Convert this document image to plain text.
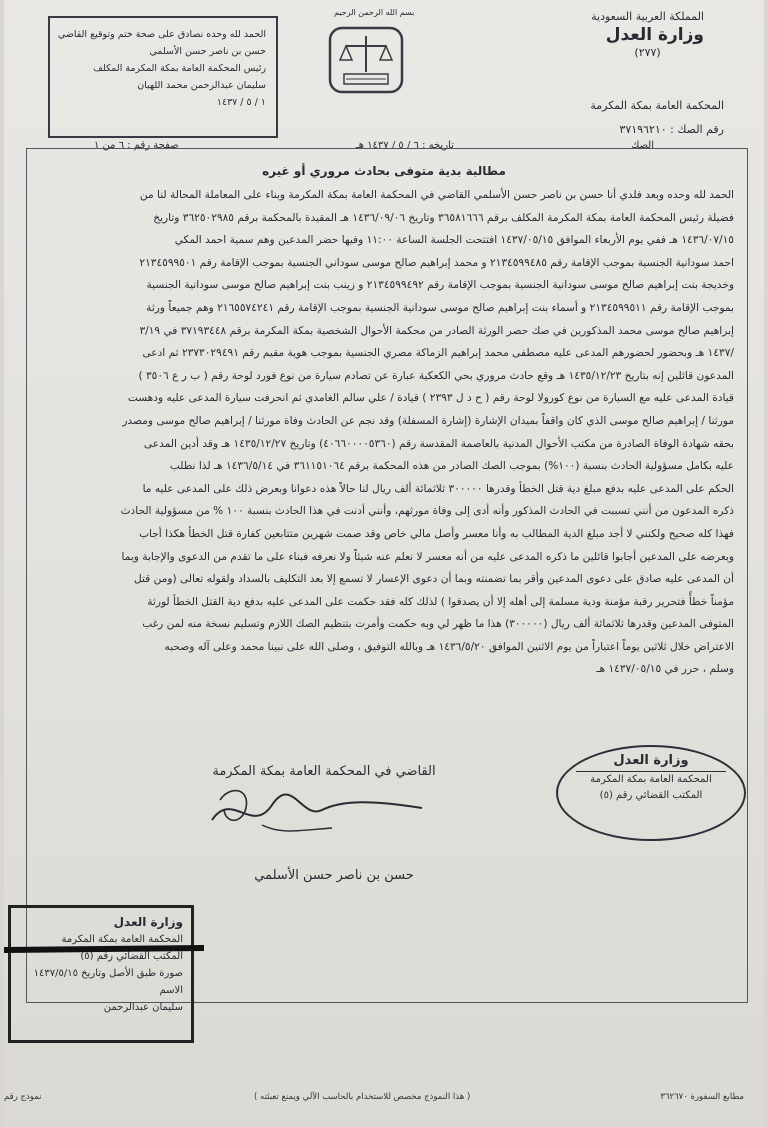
بسم الله الرحمن الرحيم	المملكة العربية السعودية
وزارة العدل
(٢٧٧)
الحمد لله وحده نصادق على صحة ختم وتوقيع القاضي
حسن بن ناصر حسن الأسلمي
رئيس المحكمة العامة بمكة المكرمة المكلف
سليمان عبدالرحمن محمد اللهيان
١ / ٥ / ١٤٣٧	المحكمة العامة بمكة المكرمة
رقم الصك : ٣٧١٩٦٢١٠
الصك
تاريخه : ٦ / ٥ / ١٤٣٧ هـ
صفحة رقم : ٦ من ١
مطالبة بدية متوفى بحادث مروري أو غيره

الحمد لله وحده وبعد فلدي أنا حسن بن ناصر حسن الأسلمي القاضي في المحكمة العامة بمكة المكرمة وبناء على المعاملة المحالة لنا من

فضيلة رئيس المحكمة العامة بمكة المكرمة المكلف برقم ٣٦٥٨١٦٦٦ وتاريخ ١٤٣٦/٠٩/٠٦ هـ المقيدة بالمحكمة برقم ٣٦٢٥٠٢٩٨٥ وتاريخ

١٤٣٦/٠٧/١٥ هـ ففي يوم الأربعاء الموافق ١٤٣٧/٠٥/١٥ افتتحت الجلسة الساعة ١١:٠٠ وفيها حضر المدعين وهم سمية احمد المكي

احمد سودانية الجنسية بموجب الإقامة رقم ٢١٣٤٥٩٩٤٨٥ و محمد إبراهيم صالح موسى سوداني الجنسية بموجب الإقامة رقم ٢١٣٤٥٩٩٥٠١

وخديجة بنت إبراهيم صالح موسى سودانية الجنسية بموجب الإقامة رقم ٢١٣٤٥٩٩٤٩٢ و زينب بنت إبراهيم صالح موسى سودانية الجنسية

بموجب الإقامة رقم ٢١٣٤٥٩٩٥١١ و أسماء بنت إبراهيم صالح موسى سودانية الجنسية بموجب الإقامة رقم ٢١٦٥٥٧٤٢٤١ وهم جميعاً ورثة

إبراهيم صالح موسى محمد المذكورين في صك حصر الورثة الصادر من محكمة الأحوال الشخصية بمكة المكرمة برقم ٣٧١٩٣٤٤٨ في ٣/١٩

/١٤٣٧ هـ وبحضور لحضورهم المدعى عليه مصطفى محمد إبراهيم الزماكة مصري الجنسية بموجب هوية مقيم رقم ٢٣٧٣٠٢٩٤٩١ ثم ادعى

المدعون قائلين إنه بتاريخ ١٤٣٥/١٢/٢٣ هـ وقع حادث مروري بحي الكعكية عبارة عن تصادم سيارة من نوع فورد لوحة رقم ( ب ر ع ٣٥٠٦ )

قيادة المدعى عليه مع السيارة من نوع كورولا لوحة رقم ( ح د ل ٢٣٩٣ ) قيادة / علي سالم الغامدي ثم انحرفت سيارة المدعى عليه ودهست

مورثنا / إبراهيم صالح موسى الذي كان واقفاً بميدان الإشارة (إشارة المسفلة) وقد نجم عن الحادث وفاة مورثنا / إبراهيم صالح موسى ومصدر

بحقه شهادة الوفاة الصادرة من مكتب الأحوال المدنية بالعاصمة المقدسة رقم (٤٠٦٦٠٠٠٠٥٣٦٠) وتاريخ ١٤٣٥/١٢/٢٧ هـ وقد أدين المدعى

عليه بكامل مسؤولية الحادث بنسبة (١٠٠%) بموجب الصك الصادر من هذه المحكمة برقم ٣٦١١٥١٠٦٤ في ١٤٣٦/٥/١٤ هـ لذا نطلب

الحكم على المدعى عليه بدفع مبلغ دية قتل الخطأ وقدرها ٣٠٠٠٠٠ ثلاثمائة ألف ريال لنا حالاً هذه دعوانا وبعرض ذلك على المدعى عليه ما

ذكره المدعون من أنني تسببت في الحادث المذكور وأنه أدى إلى وفاة مورثهم، وأنني أدنت في هذا الحادث بنسبة ١٠٠ % من مسؤولية الحادث

فهذا كله صحيح ولكنني لا أجد مبلغ الدية المطالب به وأنا معسر وأصل مالي خاص وقد صمت شهرين متتابعين كفارة قتل الخطأ هكذا أجاب

وبعرضه على المدعين أجابوا قائلين ما ذكره المدعى عليه من أنه معسر لا نعلم عنه شيئاً ولا نعرفه فبناء على ما تقدم من الدعوى والإجابة وبما

أن المدعى عليه صادق على دعوى المدعين وأقر بما تضمنته وبما أن دعوى الإعسار لا تسمع إلا بعد التكليف بالسداد ولقوله تعالى (ومن قتل

مؤمناً خطأً فتحرير رقبة مؤمنة ودية مسلمة إلى أهله إلا أن يصدقوا ) لذلك كله فقد حكمت على المدعى عليه بدفع دية القتل الخطأ لورثة

المتوفى المدعين وقدرها ثلاثمائة ألف ريال (٣٠٠٠٠٠) هذا ما ظهر لي وبه حكمت وأمرت بتنظيم الصك اللازم وتسليم نسخة منه لمن رغب

الاعتراض خلال ثلاثين يوماً اعتباراً من يوم الاثنين الموافق ١٤٣٦/٥/٢٠ هـ وبالله التوفيق ، وصلى الله على نبينا محمد وعلى آله وصحبه

وسلم ، حرر في ١٤٣٧/٠٥/١٥ هـ

القاضي في المحكمة العامة بمكة المكرمة
حسن بن ناصر حسن الأسلمي
وزارة العدل
المحكمة العامة بمكة المكرمة
المكتب القضائي رقم (٥)
وزارة العدل
المحكمة العامة بمكة المكرمة
المكتب القضائي رقم (٥)
صورة طبق الأصل وتاريخ ١٤٣٧/٥/١٥
الاسم
سليمان عبدالرحمن
مطابع السفورة ٣٦٢٦٧٠
( هذا النموذج مخصص للاستخدام بالحاسب الآلي ويمنع تعبئته )
نموذج رقم
